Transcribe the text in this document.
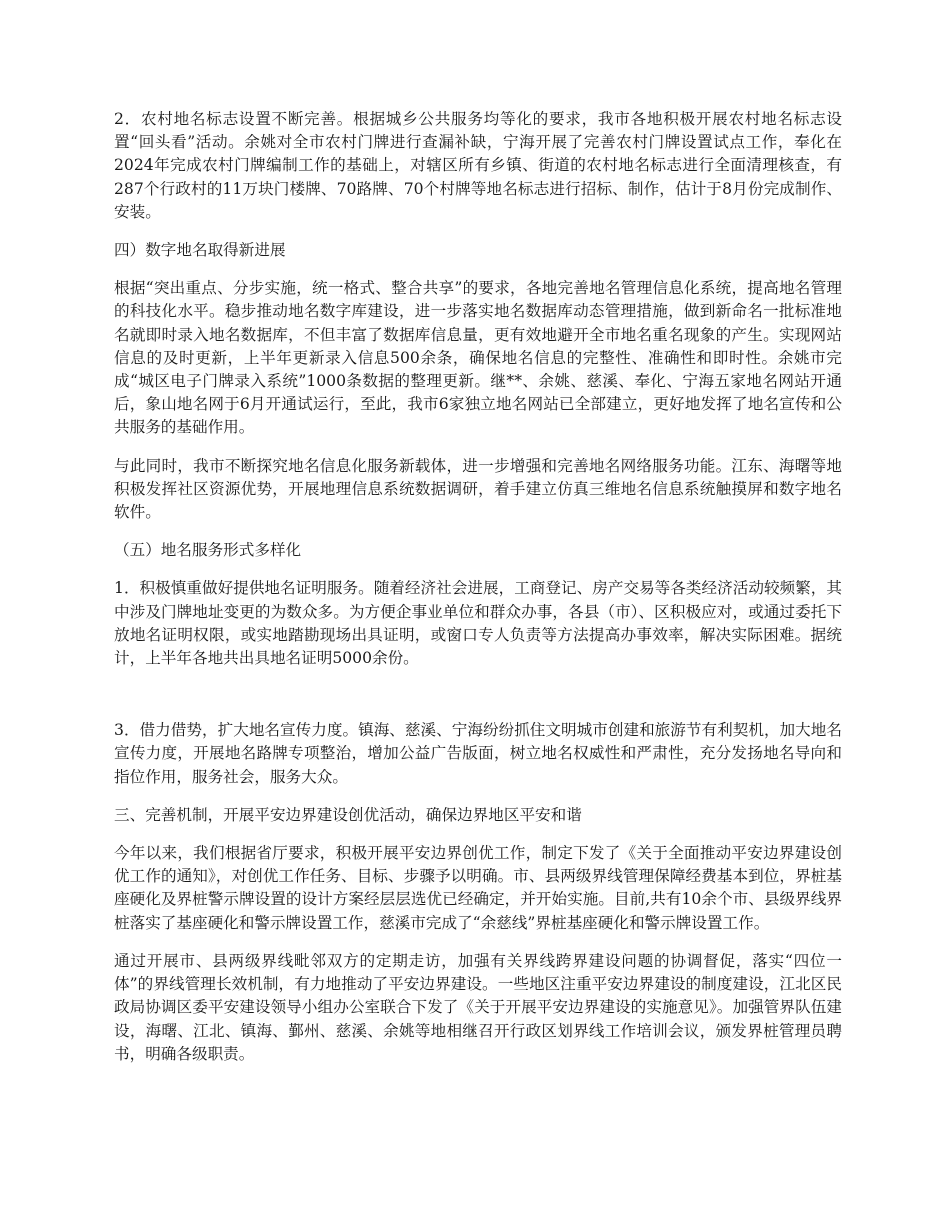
2．农村地名标志设置不断完善。根据城乡公共服务均等化的要求，我市各地积极开展农村地名标志设置“回头看”活动。余姚对全市农村门牌进行查漏补缺，宁海开展了完善农村门牌设置试点工作，奉化在2024年完成农村门牌编制工作的基础上，对辖区所有乡镇、街道的农村地名标志进行全面清理核查，有287个行政村的11万块门楼牌、70路牌、70个村牌等地名标志进行招标、制作，估计于8月份完成制作、安装。

四）数字地名取得新进展

根据“突出重点、分步实施，统一格式、整合共享”的要求，各地完善地名管理信息化系统，提高地名管理的科技化水平。稳步推动地名数字库建设，进一步落实地名数据库动态管理措施，做到新命名一批标准地名就即时录入地名数据库，不但丰富了数据库信息量，更有效地避开全市地名重名现象的产生。实现网站信息的及时更新，上半年更新录入信息500余条，确保地名信息的完整性、准确性和即时性。余姚市完成“城区电子门牌录入系统”1000条数据的整理更新。继**、余姚、慈溪、奉化、宁海五家地名网站开通后，象山地名网于6月开通试运行，至此，我市6家独立地名网站已全部建立，更好地发挥了地名宣传和公共服务的基础作用。

与此同时，我市不断探究地名信息化服务新载体，进一步增强和完善地名网络服务功能。江东、海曙等地积极发挥社区资源优势，开展地理信息系统数据调研，着手建立仿真三维地名信息系统触摸屏和数字地名软件。

（五）地名服务形式多样化

1．积极慎重做好提供地名证明服务。随着经济社会进展，工商登记、房产交易等各类经济活动较频繁，其中涉及门牌地址变更的为数众多。为方便企事业单位和群众办事，各县（市）、区积极应对，或通过委托下放地名证明权限，或实地踏勘现场出具证明，或窗口专人负责等方法提高办事效率，解决实际困难。据统计，上半年各地共出具地名证明5000余份。

3．借力借势，扩大地名宣传力度。镇海、慈溪、宁海纷纷抓住文明城市创建和旅游节有利契机，加大地名宣传力度，开展地名路牌专项整治，增加公益广告版面，树立地名权威性和严肃性，充分发扬地名导向和指位作用，服务社会，服务大众。

三、完善机制，开展平安边界建设创优活动，确保边界地区平安和谐

今年以来，我们根据省厅要求，积极开展平安边界创优工作，制定下发了《关于全面推动平安边界建设创优工作的通知》，对创优工作任务、目标、步骤予以明确。市、县两级界线管理保障经费基本到位，界桩基座硬化及界桩警示牌设置的设计方案经层层选优已经确定，并开始实施。目前,共有10余个市、县级界线界桩落实了基座硬化和警示牌设置工作，慈溪市完成了“余慈线”界桩基座硬化和警示牌设置工作。

通过开展市、县两级界线毗邻双方的定期走访，加强有关界线跨界建设问题的协调督促，落实“四位一体”的界线管理长效机制，有力地推动了平安边界建设。一些地区注重平安边界建设的制度建设，江北区民政局协调区委平安建设领导小组办公室联合下发了《关于开展平安边界建设的实施意见》。加强管界队伍建设，海曙、江北、镇海、鄞州、慈溪、余姚等地相继召开行政区划界线工作培训会议，颁发界桩管理员聘书，明确各级职责。
